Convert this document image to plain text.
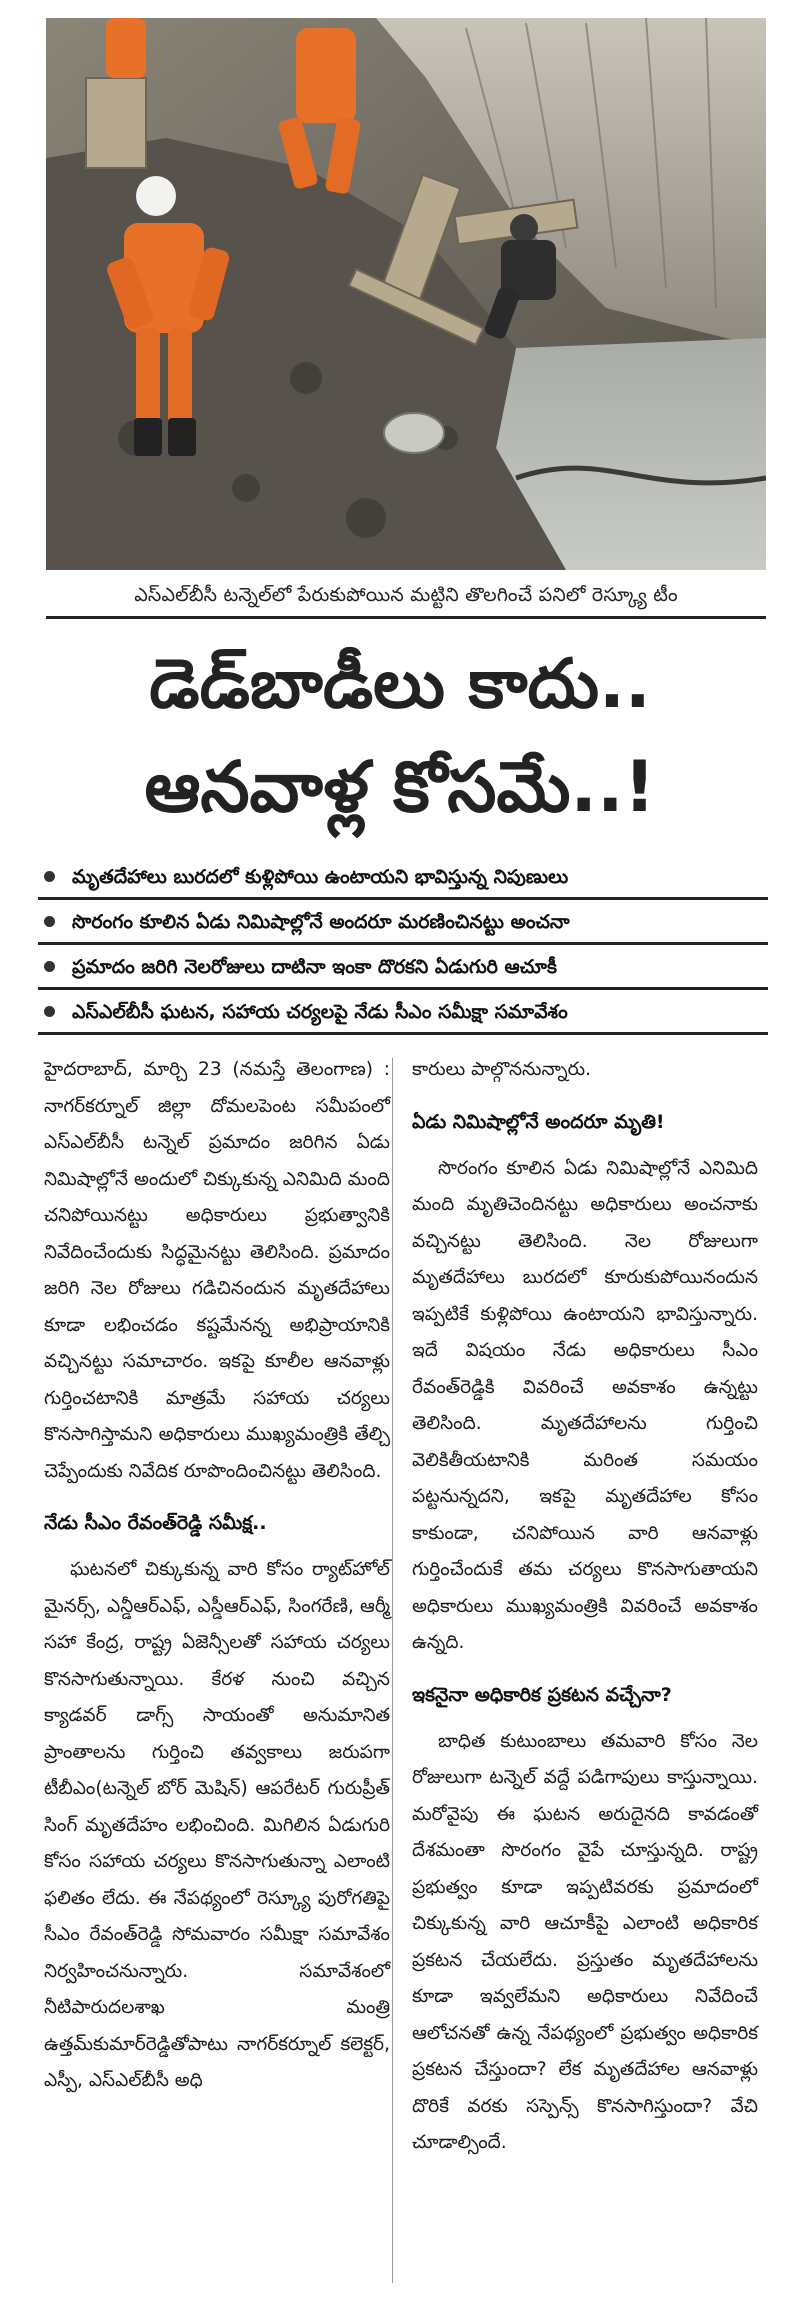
ఎస్ఎల్‌బీసీ టన్నెల్‌లో పేరుకుపోయిన మట్టిని తొలగించే పనిలో రెస్క్యూ టీం
డెడ్‌బాడీలు కాదు..
ఆనవాళ్ల కోసమే..!
మృతదేహాలు బురదలో కుళ్లిపోయి ఉంటాయని భావిస్తున్న నిపుణులు
సొరంగం కూలిన ఏడు నిమిషాల్లోనే అందరూ మరణించినట్టు అంచనా
ప్రమాదం జరిగి నెలరోజులు దాటినా ఇంకా దొరకని ఏడుగురి ఆచూకీ
ఎస్ఎల్‌బీసీ ఘటన, సహాయ చర్యలపై నేడు సీఎం సమీక్షా సమావేశం

హైదరాబాద్, మార్చి 23 (నమస్తే తెలంగాణ) : నాగర్‌కర్నూల్ జిల్లా దోమలపెంట సమీపంలో ఎస్ఎల్‌బీసీ టన్నెల్ ప్రమాదం జరిగిన ఏడు నిమిషాల్లోనే అందులో చిక్కుకున్న ఎనిమిది మంది చనిపోయినట్టు అధికారులు ప్రభుత్వానికి నివేదించేందుకు సిద్ధమైనట్టు తెలిసింది. ప్రమాదం జరిగి నెల రోజులు గడిచినందున మృతదేహాలు కూడా లభించడం కష్టమేనన్న అభిప్రాయానికి వచ్చినట్టు సమాచారం. ఇకపై కూలీల ఆనవాళ్లు గుర్తించటానికి మాత్రమే సహాయ చర్యలు కొనసాగిస్తామని అధికారులు ముఖ్యమంత్రికి తేల్చి చెప్పేందుకు నివేదిక రూపొందించినట్టు తెలిసింది.

నేడు సీఎం రేవంత్‌రెడ్డి సమీక్ష..

ఘటనలో చిక్కుకున్న వారి కోసం ర్యాట్‌హోల్ మైనర్స్, ఎన్డీఆర్ఎఫ్, ఎస్డీఆర్ఎఫ్, సింగరేణి, ఆర్మీ సహా కేంద్ర, రాష్ట్ర ఏజెన్సీలతో సహాయ చర్యలు కొనసాగుతున్నాయి. కేరళ నుంచి వచ్చిన క్యాడవర్ డాగ్స్ సాయంతో అనుమానిత ప్రాంతాలను గుర్తించి తవ్వకాలు జరుపగా టీబీఎం(టన్నెల్ బోర్ మెషిన్) ఆపరేటర్ గురుప్రీత్ సింగ్ మృతదేహం లభించింది. మిగిలిన ఏడుగురి కోసం సహాయ చర్యలు కొనసాగుతున్నా ఎలాంటి ఫలితం లేదు. ఈ నేపథ్యంలో రెస్క్యూ పురోగతిపై సీఎం రేవంత్‌రెడ్డి సోమవారం సమీక్షా సమావేశం నిర్వహించనున్నారు. సమావేశంలో నీటిపారుదలశాఖ మంత్రి ఉత్తమ్‌కుమార్‌రెడ్డితోపాటు నాగర్‌కర్నూల్ కలెక్టర్, ఎస్పీ, ఎస్ఎల్‌బీసీ అధి

కారులు పాల్గొననున్నారు.

ఏడు నిమిషాల్లోనే అందరూ మృతి!

సొరంగం కూలిన ఏడు నిమిషాల్లోనే ఎనిమిది మంది మృతిచెందినట్టు అధికారులు అంచనాకు వచ్చినట్టు తెలిసింది. నెల రోజులుగా మృతదేహాలు బురదలో కూరుకుపోయినందున ఇప్పటికే కుళ్లిపోయి ఉంటాయని భావిస్తున్నారు. ఇదే విషయం నేడు అధికారులు సీఎం రేవంత్‌రెడ్డికి వివరించే అవకాశం ఉన్నట్టు తెలిసింది. మృతదేహాలను గుర్తించి వెలికితీయటానికి మరింత సమయం పట్టనున్నదని, ఇకపై మృతదేహాల కోసం కాకుండా, చనిపోయిన వారి ఆనవాళ్లు గుర్తించేందుకే తమ చర్యలు కొనసాగుతాయని అధికారులు ముఖ్యమంత్రికి వివరించే అవకాశం ఉన్నది.

ఇకనైనా అధికారిక ప్రకటన వచ్చేనా?

బాధిత కుటుంబాలు తమవారి కోసం నెల రోజులుగా టన్నెల్ వద్దే పడిగాపులు కాస్తున్నాయి. మరోవైపు ఈ ఘటన అరుదైనది కావడంతో దేశమంతా సొరంగం వైపే చూస్తున్నది. రాష్ట్ర ప్రభుత్వం కూడా ఇప్పటివరకు ప్రమాదంలో చిక్కుకున్న వారి ఆచూకీపై ఎలాంటి అధికారిక ప్రకటన చేయలేదు. ప్రస్తుతం మృతదేహాలను కూడా ఇవ్వలేమని అధికారులు నివేదించే ఆలోచనతో ఉన్న నేపథ్యంలో ప్రభుత్వం అధికారిక ప్రకటన చేస్తుందా? లేక మృతదేహాల ఆనవాళ్లు దొరికే వరకు సస్పెన్స్ కొనసాగిస్తుందా? వేచి చూడాల్సిందే.
